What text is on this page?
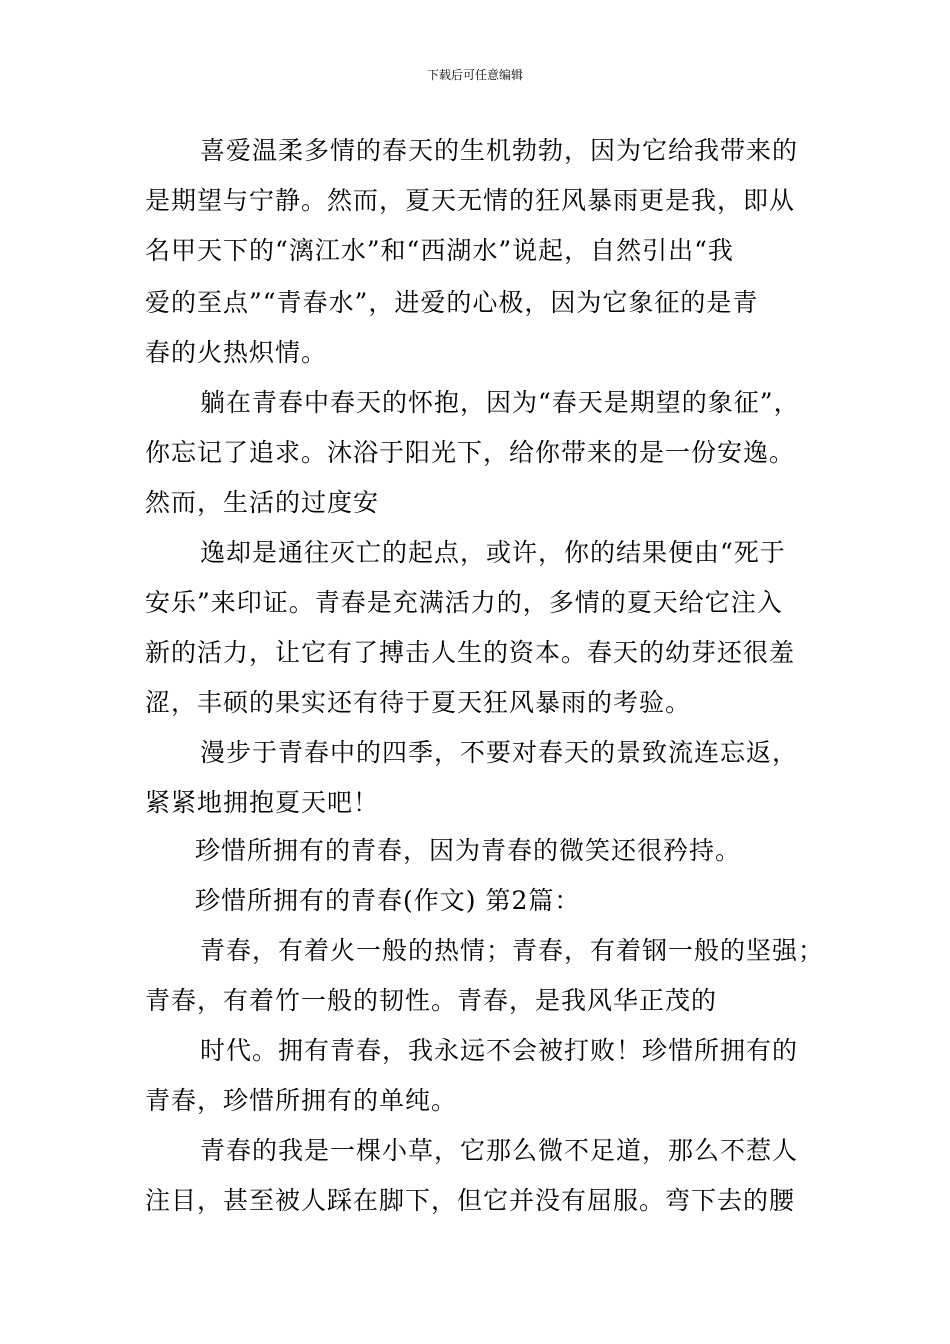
下载后可任意编辑
喜爱温柔多情的春天的生机勃勃，因为它给我带来的
是期望与宁静。然而，夏天无情的狂风暴雨更是我，即从
名甲天下的“漓江水”和“西湖水”说起，自然引出“我
爱的至点”“青春水”，进爱的心极，因为它象征的是青
春的火热炽情。
躺在青春中春天的怀抱，因为“春天是期望的象征”，
你忘记了追求。沐浴于阳光下，给你带来的是一份安逸。
然而，生活的过度安
逸却是通往灭亡的起点，或许，你的结果便由“死于
安乐”来印证。青春是充满活力的，多情的夏天给它注入
新的活力，让它有了搏击人生的资本。春天的幼芽还很羞
涩，丰硕的果实还有待于夏天狂风暴雨的考验。
漫步于青春中的四季，不要对春天的景致流连忘返，
紧紧地拥抱夏天吧！
珍惜所拥有的青春，因为青春的微笑还很矜持。
珍惜所拥有的青春(作文) 第2篇：
青春，有着火一般的热情；青春，有着钢一般的坚强；
青春，有着竹一般的韧性。青春，是我风华正茂的
时代。拥有青春，我永远不会被打败！珍惜所拥有的
青春，珍惜所拥有的单纯。
青春的我是一棵小草，它那么微不足道，那么不惹人
注目，甚至被人踩在脚下，但它并没有屈服。弯下去的腰
